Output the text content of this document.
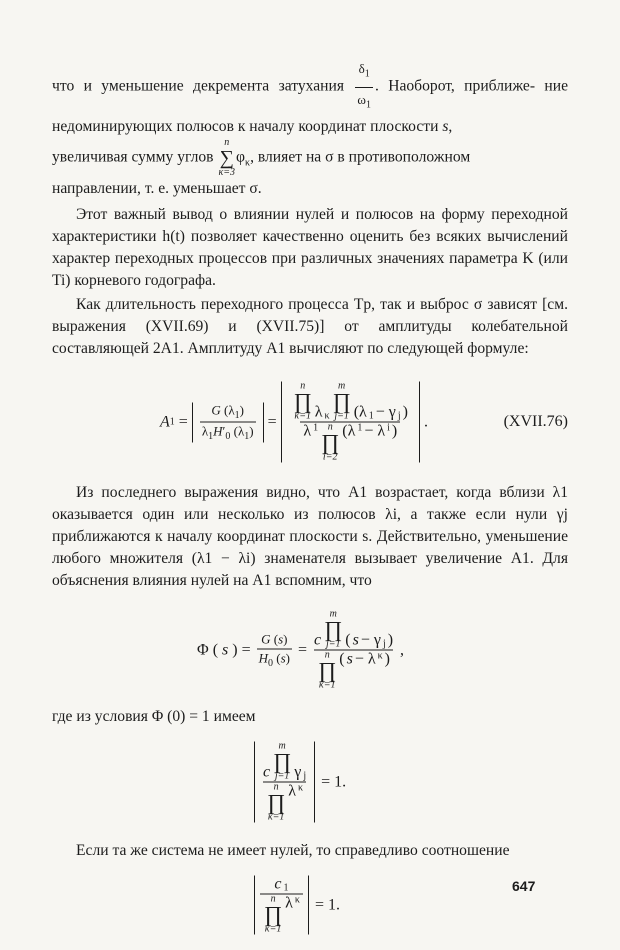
что и уменьшение декремента затухания $\frac{\delta_1}{\omega_1}$ . Наоборот, приближе- ние недоминирующих полюсов к началу координат плоскости s,
увеличивая сумму углов
n
∑
κ=3
$\varphi_\kappa$, влияет на σ в противоположном
направлении, т. е. уменьшает σ.

Этот важный вывод о влиянии нулей и полюсов на форму переходной характеристики h(t) позволяет качественно оценить без всяких вычислений характер переходных процессов при различных значениях параметра K (или Ti) корневого годографа.

Как длительность переходного процесса Tp, так и выброс σ зависят [см. выражения (XVII.69) и (XVII.75)] от амплитуды колебательной составляющей 2A1. Амплитуду A1 вычисляют по следующей формуле:

A $1 = \frac{G (\lambda_1)}{\lambda_1H'_0 (\lambda_1)}$ =
n
∏
κ=1 $\lambda_\kappa$
m
∏
j=1 ($\lambda_1 - \gamma$ j )
λ 1 n
∏
i=2
($\lambda^1 - \lambda$ i )
.	(XVII.76)

Из последнего выражения видно, что A1 возрастает, когда вблизи λ1 оказывается один или несколько из полюсов λi, а также если нули γj приближаются к началу координат плоскости s. Действительно, уменьшение любого множителя (λ1 − λi) знаменателя вызывает увеличение A1. Для объяснения влияния нулей на A1 вспомним, что

Φ ( s ) = $\frac{G (s)}{H_0 (s)}$ =
c
m
∏
j=1 ( $s - \gamma_j$ )
n
∏
κ=1
( $s - \lambda^\kappa$ )
,

где из условия Φ (0) = 1 имеем

c
m
∏
j=1 $\gamma_j$
n
∏
κ=1
$\lambda^\kappa = 1$.

Если та же система не имеет нулей, то справедливо соотношение

$c_1$
n
∏
κ=1
$\lambda^\kappa = 1$.
647
